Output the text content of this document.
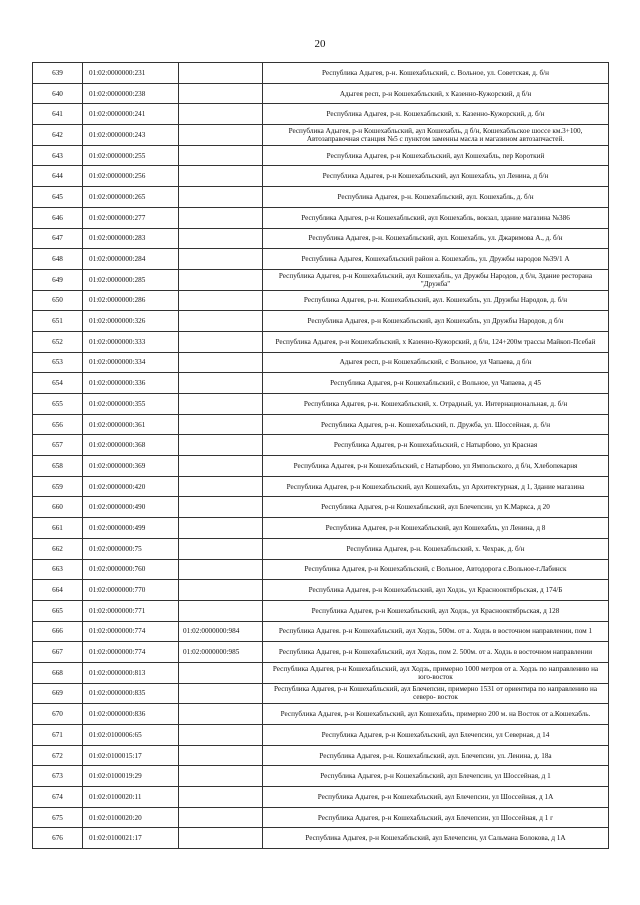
20
639	01:02:0000000:231		Республика Адыгея, р-н. Кошехабльский, с. Вольное, ул. Советская, д. б/н
640	01:02:0000000:238		Адыгея респ, р-н Кошехабльский, х Казенно-Кужорский, д б/н
641	01:02:0000000:241		Республика Адыгея, р-н. Кошехабльский, х. Казенно-Кужорский, д. б/н
642	01:02:0000000:243		Республика Адыгея, р-н Кошехабльский, аул Кошехабль, д б/н, Кошехабльское шоссе км.3+100, Автозаправочная станция №5 с пунктом заменны масла и магазином автозапчастей.
643	01:02:0000000:255		Республика Адыгея, р-н Кошехабльский, аул Кошехабль, пер Короткий
644	01:02:0000000:256		Республика Адыгея, р-н Кошехабльский, аул Кошехабль, ул Ленина, д б/н
645	01:02:0000000:265		Республика Адыгея, р-н. Кошехабльский, аул. Кошехабль, д. б/н
646	01:02:0000000:277		Республика Адыгея, р-н Кошехабльский, аул Кошехабль, вокзал, здание магазина №386
647	01:02:0000000:283		Республика Адыгея, р-н. Кошехабльский, аул. Кошехабль, ул. Джаримова А., д. б/н
648	01:02:0000000:284		Республика Адыгея, Кошехабльский район а. Кошехабль, ул. Дружбы народов №39/1 А
649	01:02:0000000:285		Республика Адыгея, р-н Кошехабльский, аул Кошехабль, ул Дружбы Народов, д б/н, Здание ресторана "Дружба"
650	01:02:0000000:286		Республика Адыгея, р-н. Кошехабльский, аул. Кошехабль, ул. Дружбы Народов, д. б/н
651	01:02:0000000:326		Республика Адыгея, р-н Кошехабльский, аул Кошехабль, ул Дружбы Народов, д б/н
652	01:02:0000000:333		Республика Адыгея, р-н Кошехабльский, х Казенно-Кужорский, д б/н, 124+200м трассы Майкоп-Псебай
653	01:02:0000000:334		Адыгея респ, р-н Кошехабльский, с Вольное, ул Чапаева, д б/н
654	01:02:0000000:336		Республика Адыгея, р-н Кошехабльский, с Вольное, ул Чапаева, д 45
655	01:02:0000000:355		Республика Адыгея, р-н. Кошехабльский, х. Отрадный, ул. Интернациональная, д. б/н
656	01:02:0000000:361		Республика Адыгея, р-н. Кошехабльский, п. Дружба, ул. Шоссейная, д. б/н
657	01:02:0000000:368		Республика Адыгея, р-н Кошехабльский, с Натырбово, ул Красная
658	01:02:0000000:369		Республика Адыгея, р-н Кошехабльский, с Натырбово, ул Ямпольского, д б/н, Хлебопекарня
659	01:02:0000000:420		Республика Адыгея, р-н Кошехабльский, аул Кошехабль, ул Архитектурная, д 1, Здание магазина
660	01:02:0000000:490		Республика Адыгея, р-н Кошехабльский, аул Блечепсин, ул К.Маркса, д 20
661	01:02:0000000:499		Республика Адыгея, р-н Кошехабльский, аул Кошехабль, ул Ленина, д 8
662	01:02:0000000:75		Республика Адыгея, р-н. Кошехабльский, х. Чехрак, д. б/н
663	01:02:0000000:760		Республика Адыгея, р-н Кошехабльский, с Вольное, Автодорога с.Вольное-г.Лабинск
664	01:02:0000000:770		Республика Адыгея, р-н Кошехабльский, аул Ходзь, ул Краснооктябрьская, д 174/Б
665	01:02:0000000:771		Республика Адыгея, р-н Кошехабльский, аул Ходзь, ул Краснооктябрьская, д 128
666	01:02:0000000:774	01:02:0000000:984	Республика Адыгея. р-н Кошехабльский, аул Ходзь, 500м. от а. Ходзь в восточном направлении, пом 1
667	01:02:0000000:774	01:02:0000000:985	Республика Адыгея, р-н Кошехабльский, аул Ходзь, пом 2. 500м. от а. Ходзь в восточном направлении
668	01:02:0000000:813		Республика Адыгея, р-н Кошехабльский, аул Ходзь, примерно 1000 метров от а. Ходзь по направлению на юго-восток
669	01:02:0000000:835		Республика Адыгея, р-н Кошехабльский, аул Блечепсин, примерно 1531 от ориентира по направлению на северо- восток
670	01:02:0000000:836		Республика Адыгея, р-н Кошехабльский, аул Кошехабль, примерно 200 м. на Восток от а.Кошехабль.
671	01:02:0100006:65		Республика Адыгея, р-н Кошехабльский, аул Блечепсин, ул Северная, д 14
672	01:02:0100015:17		Республика Адыгея, р-н. Кошехабльский, аул. Блечепсин, ул. Ленина, д. 18а
673	01:02:0100019:29		Республика Адыгея, р-н Кошехабльский, аул Блечепсин, ул Шоссейная, д 1
674	01:02:0100020:11		Республика Адыгея, р-н Кошехабльский, аул Блечепсин, ул Шоссейная, д 1А
675	01:02:0100020:20		Республика Адыгея, р-н Кошехабльский, аул Блечепсин, ул Шоссейная, д 1 г
676	01:02:0100021:17		Республика Адыгея, р-н Кошехабльский, аул Блечепсин, ул Сальмана Болокова, д 1А
